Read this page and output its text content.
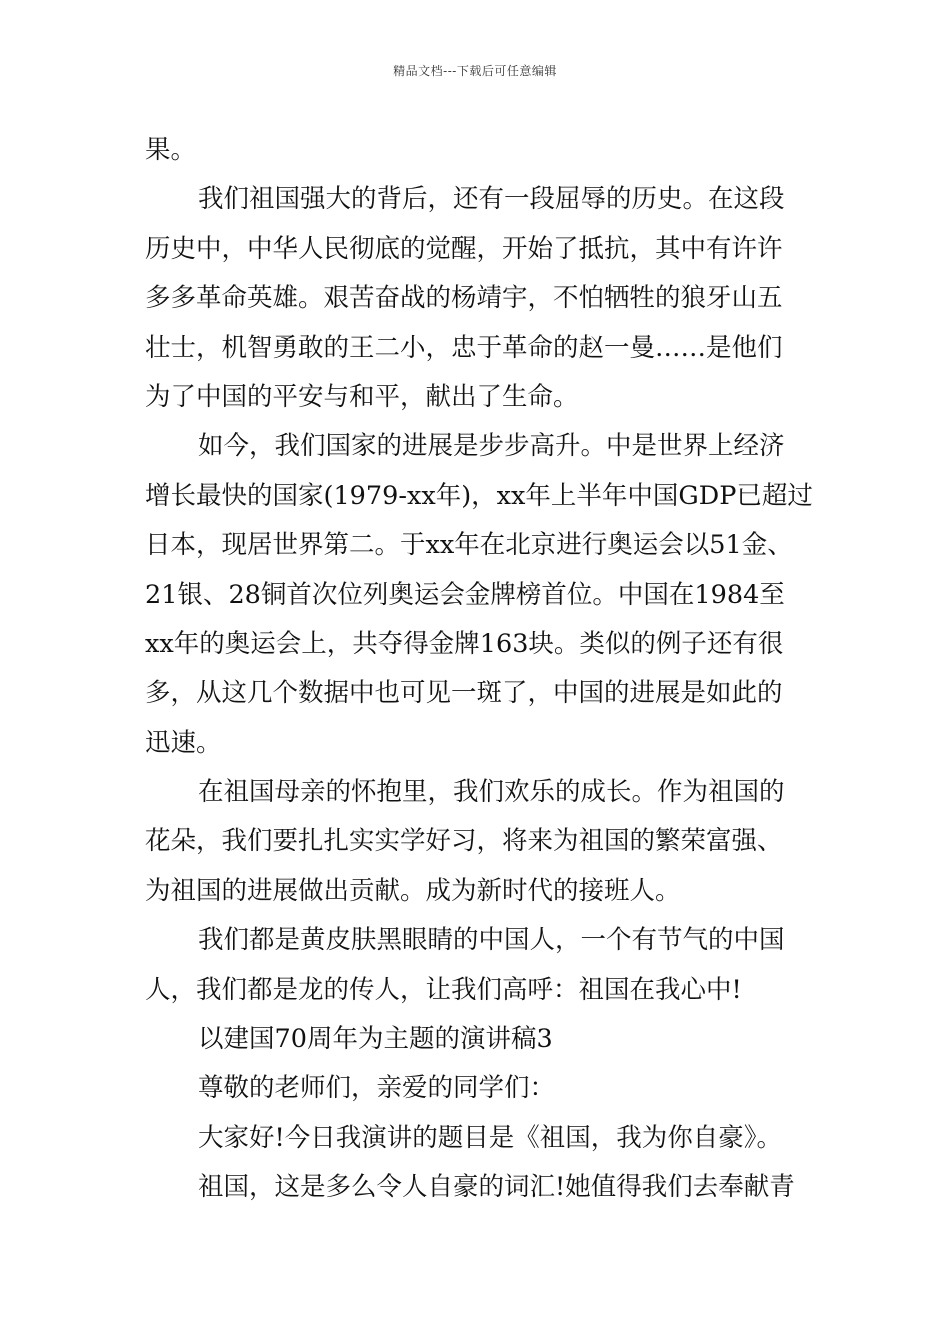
精品文档---下载后可任意编辑
果。
我们祖国强大的背后，还有一段屈辱的历史。在这段
历史中，中华人民彻底的觉醒，开始了抵抗，其中有许许
多多革命英雄。艰苦奋战的杨靖宇，不怕牺牲的狼牙山五
壮士，机智勇敢的王二小，忠于革命的赵一曼……是他们
为了中国的平安与和平，献出了生命。
如今，我们国家的进展是步步高升。中是世界上经济
增长最快的国家(1979-xx年)，xx年上半年中国GDP已超过
日本，现居世界第二。于xx年在北京进行奥运会以51金、
21银、28铜首次位列奥运会金牌榜首位。中国在1984至
xx年的奥运会上，共夺得金牌163块。类似的例子还有很
多，从这几个数据中也可见一斑了，中国的进展是如此的
迅速。
在祖国母亲的怀抱里，我们欢乐的成长。作为祖国的
花朵，我们要扎扎实实学好习，将来为祖国的繁荣富强、
为祖国的进展做出贡献。成为新时代的接班人。
我们都是黄皮肤黑眼睛的中国人，一个有节气的中国
人，我们都是龙的传人，让我们高呼：祖国在我心中!
以建国70周年为主题的演讲稿3
尊敬的老师们，亲爱的同学们：
大家好!今日我演讲的题目是《祖国，我为你自豪》。
祖国，这是多么令人自豪的词汇!她值得我们去奉献青
